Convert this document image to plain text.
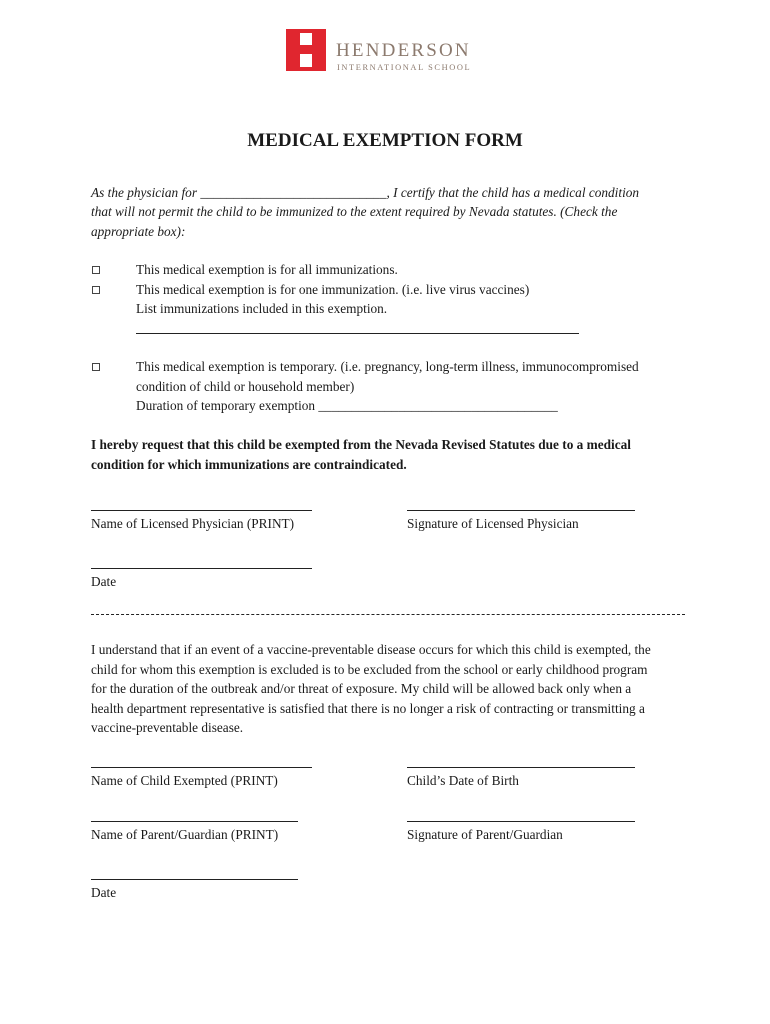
HENDERSON
INTERNATIONAL SCHOOL
MEDICAL EXEMPTION FORM
As the physician for ____________________________, I certify that the child has a medical condition
that will not permit the child to be immunized to the extent required by Nevada statutes. (Check the
appropriate box):
This medical exemption is for all immunizations.
This medical exemption is for one immunization. (i.e. live virus vaccines)
List immunizations included in this exemption.
This medical exemption is temporary. (i.e. pregnancy, long-term illness, immunocompromised
condition of child or household member)
Duration of temporary exemption ____________________________________
I hereby request that this child be exempted from the Nevada Revised Statutes due to a medical
condition for which immunizations are contraindicated.
Name of Licensed Physician (PRINT)	Signature of Licensed Physician
Date
I understand that if an event of a vaccine-preventable disease occurs for which this child is exempted, the
child for whom this exemption is excluded is to be excluded from the school or early childhood program
for the duration of the outbreak and/or threat of exposure. My child will be allowed back only when a
health department representative is satisfied that there is no longer a risk of contracting or transmitting a
vaccine-preventable disease.
Name of Child Exempted (PRINT)	Child’s Date of Birth
Name of Parent/Guardian (PRINT)	Signature of Parent/Guardian
Date
